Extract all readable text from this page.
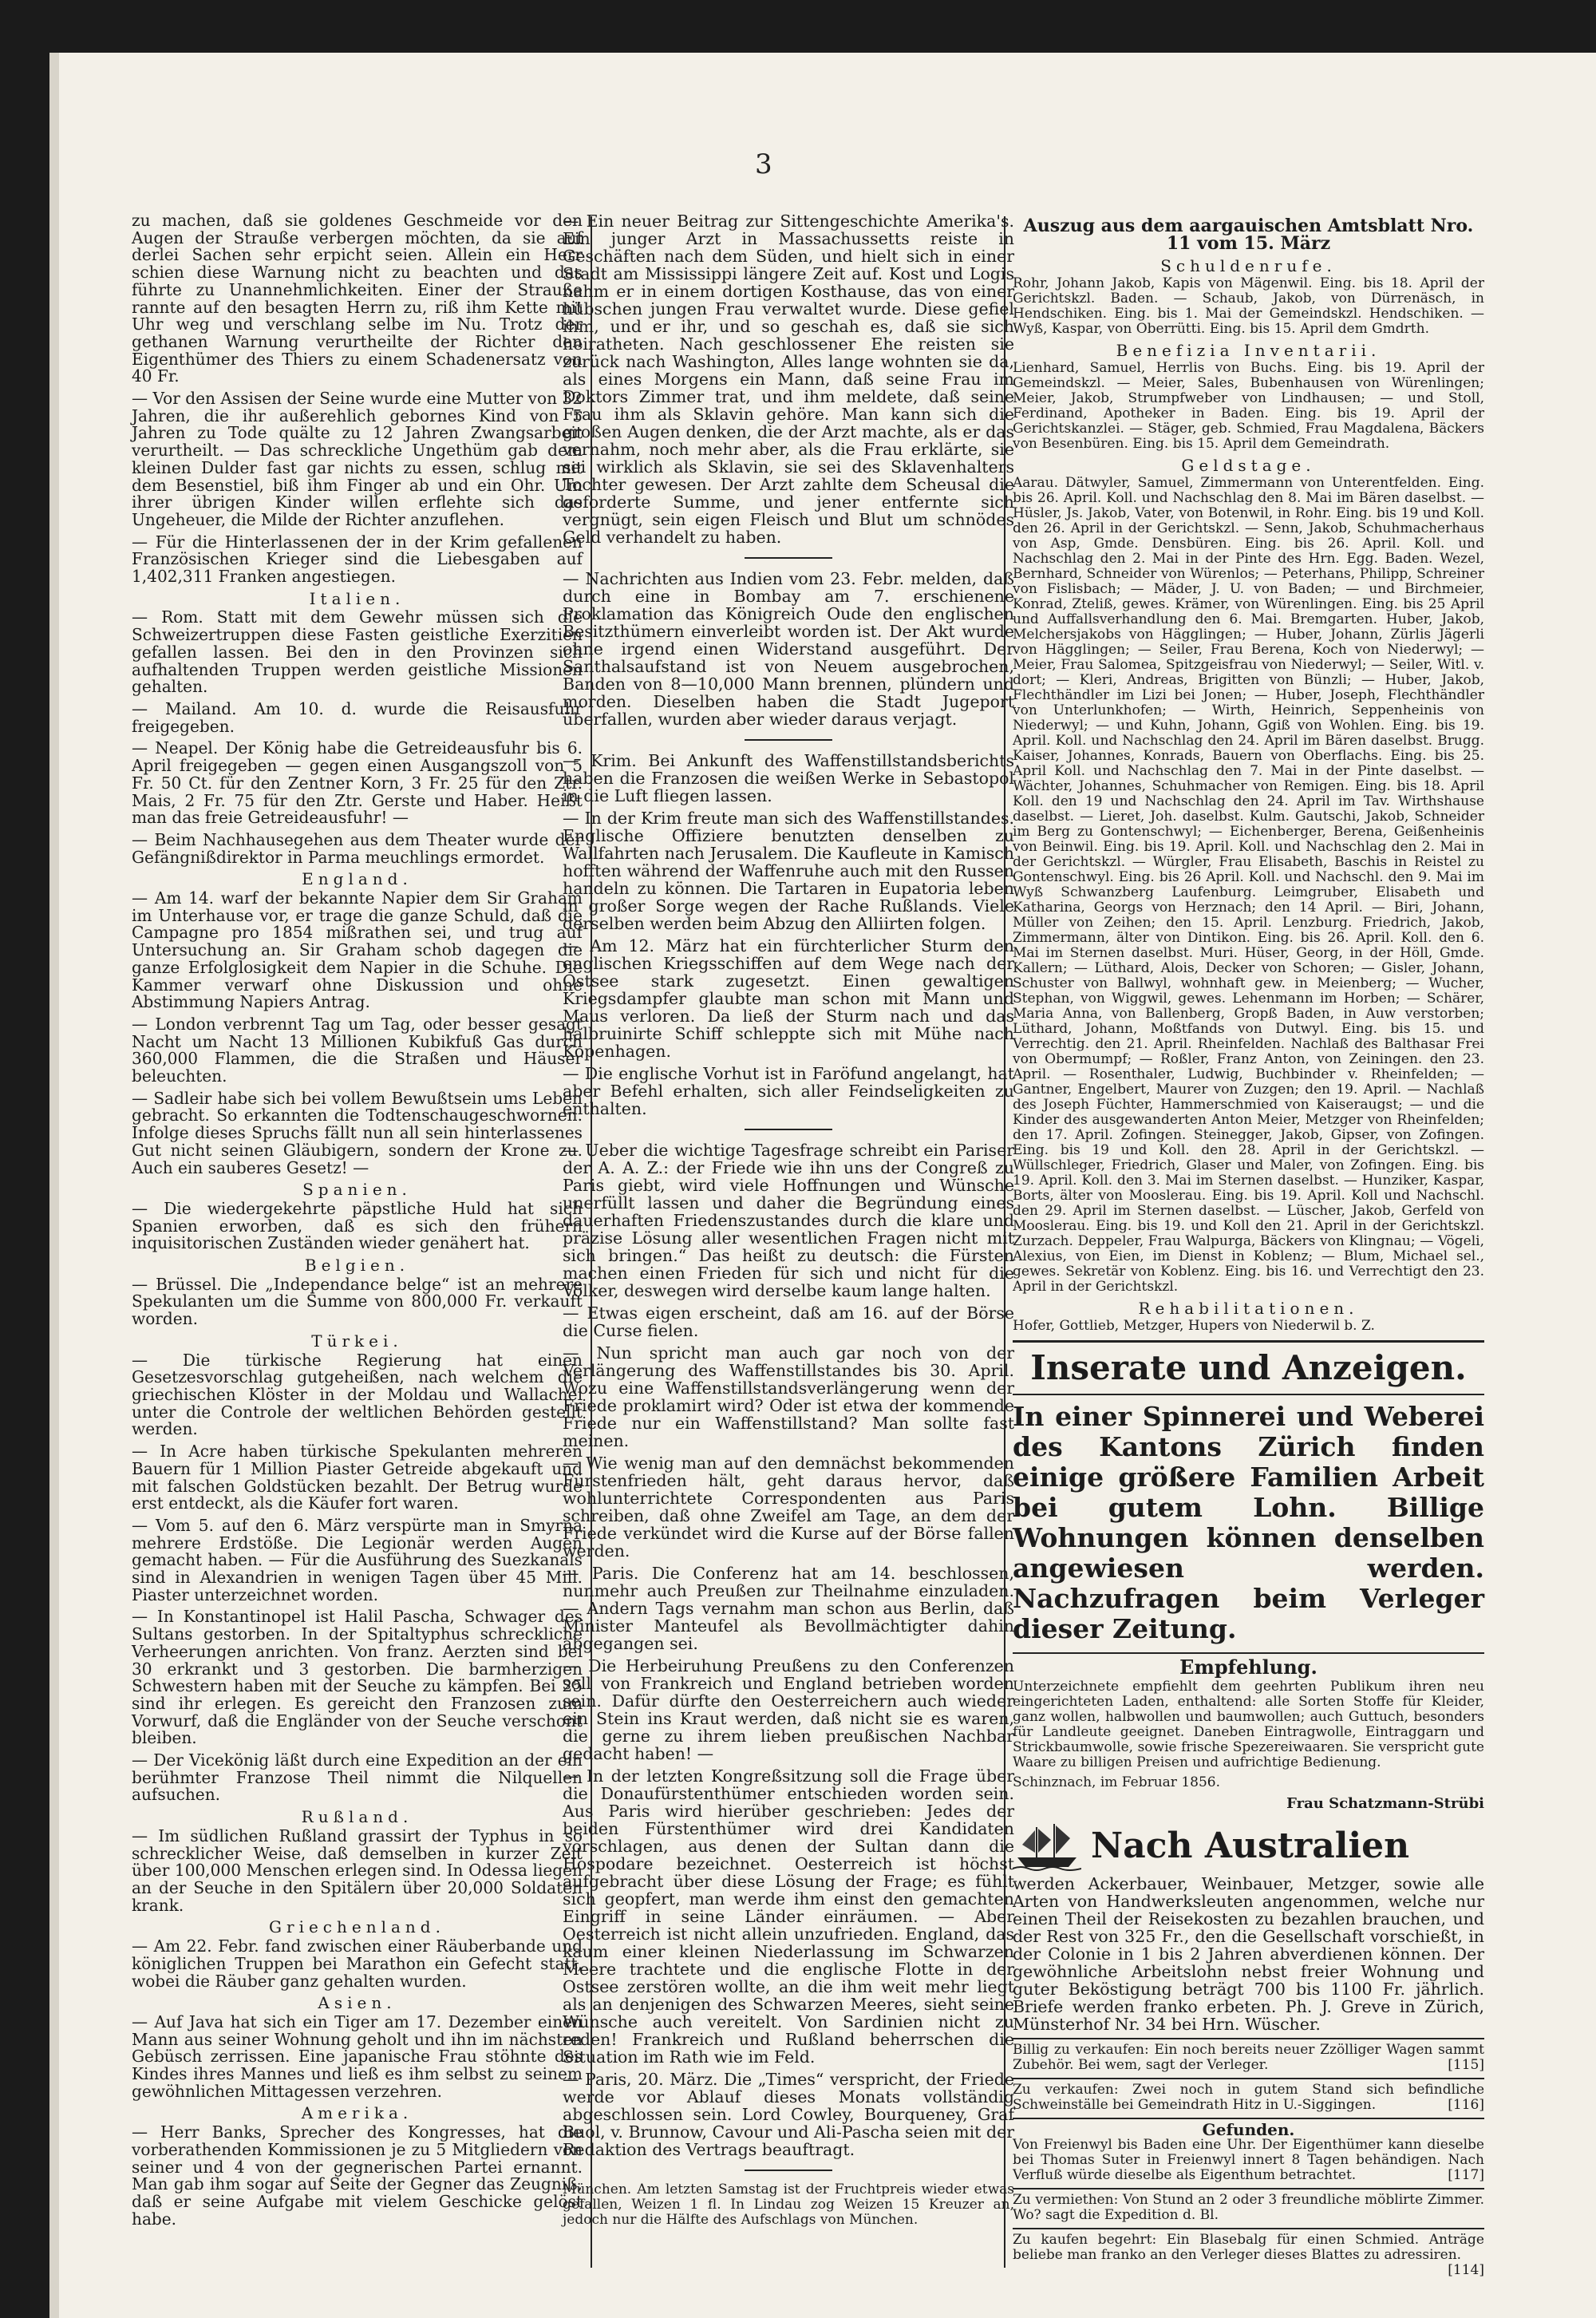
3

zu machen, daß sie goldenes Geschmeide vor den Augen der Strauße verbergen möchten, da sie auf derlei Sachen sehr erpicht seien. Allein ein Herr schien diese Warnung nicht zu beachten und das führte zu Unannehmlichkeiten. Einer der Strauße rannte auf den besagten Herrn zu, riß ihm Kette mit Uhr weg und verschlang selbe im Nu. Trotz der gethanen Warnung verurtheilte der Richter den Eigenthümer des Thiers zu einem Schadenersatz von 40 Fr.

— Vor den Assisen der Seine wurde eine Mutter von 32 Jahren, die ihr außerehlich gebornes Kind von 5 Jahren zu Tode quälte zu 12 Jahren Zwangsarbeit verurtheilt. — Das schreckliche Ungethüm gab dem kleinen Dulder fast gar nichts zu essen, schlug mit dem Besenstiel, biß ihm Finger ab und ein Ohr. Um ihrer übrigen Kinder willen erflehte sich das Ungeheuer, die Milde der Richter anzuflehen.

— Für die Hinterlassenen der in der Krim gefallenen Französischen Krieger sind die Liebesgaben auf 1,402,311 Franken angestiegen.

Italien.

— Rom. Statt mit dem Gewehr müssen sich die Schweizertruppen diese Fasten geistliche Exerzitien gefallen lassen. Bei den in den Provinzen sich aufhaltenden Truppen werden geistliche Missionen gehalten.

— Mailand. Am 10. d. wurde die Reisausfuhr freigegeben.

— Neapel. Der König habe die Getreideausfuhr bis 6. April freigegeben — gegen einen Ausgangszoll von 5 Fr. 50 Ct. für den Zentner Korn, 3 Fr. 25 für den Ztr. Mais, 2 Fr. 75 für den Ztr. Gerste und Haber. Heißt man das freie Getreideausfuhr! —

— Beim Nachhausegehen aus dem Theater wurde der Gefängnißdirektor in Parma meuchlings ermordet.

England.

— Am 14. warf der bekannte Napier dem Sir Graham im Unterhause vor, er trage die ganze Schuld, daß die Campagne pro 1854 mißrathen sei, und trug auf Untersuchung an. Sir Graham schob dagegen die ganze Erfolglosigkeit dem Napier in die Schuhe. Die Kammer verwarf ohne Diskussion und ohne Abstimmung Napiers Antrag.

— London verbrennt Tag um Tag, oder besser gesagt Nacht um Nacht 13 Millionen Kubikfuß Gas durch 360,000 Flammen, die die Straßen und Häuser beleuchten.

— Sadleir habe sich bei vollem Bewußtsein ums Leben gebracht. So erkannten die Todtenschaugeschwornen. Infolge dieses Spruchs fällt nun all sein hinterlassenes Gut nicht seinen Gläubigern, sondern der Krone zu. Auch ein sauberes Gesetz! —

Spanien.

— Die wiedergekehrte päpstliche Huld hat sich Spanien erworben, daß es sich den frühern inquisitorischen Zuständen wieder genähert hat.

Belgien.

— Brüssel. Die „Independance belge“ ist an mehrere Spekulanten um die Summe von 800,000 Fr. verkauft worden.

Türkei.

— Die türkische Regierung hat einen Gesetzesvorschlag gutgeheißen, nach welchem die griechischen Klöster in der Moldau und Wallachei unter die Controle der weltlichen Behörden gestellt werden.

— In Acre haben türkische Spekulanten mehreren Bauern für 1 Million Piaster Getreide abgekauft und mit falschen Goldstücken bezahlt. Der Betrug wurde erst entdeckt, als die Käufer fort waren.

— Vom 5. auf den 6. März verspürte man in Smyrna mehrere Erdstöße. Die Legionär werden Augen gemacht haben. — Für die Ausführung des Suezkanals sind in Alexandrien in wenigen Tagen über 45 Mill. Piaster unterzeichnet worden.

— In Konstantinopel ist Halil Pascha, Schwager des Sultans gestorben. In der Spitaltyphus schreckliche Verheerungen anrichten. Von franz. Aerzten sind bei 30 erkrankt und 3 gestorben. Die barmherzigen Schwestern haben mit der Seuche zu kämpfen. Bei 25 sind ihr erlegen. Es gereicht den Franzosen zum Vorwurf, daß die Engländer von der Seuche verschont bleiben.

— Der Vicekönig läßt durch eine Expedition an der ein berühmter Franzose Theil nimmt die Nilquellen aufsuchen.

Rußland.

— Im südlichen Rußland grassirt der Typhus in so schrecklicher Weise, daß demselben in kurzer Zeit über 100,000 Menschen erlegen sind. In Odessa liegen an der Seuche in den Spitälern über 20,000 Soldaten krank.

Griechenland.

— Am 22. Febr. fand zwischen einer Räuberbande und königlichen Truppen bei Marathon ein Gefecht statt, wobei die Räuber ganz gehalten wurden.

Asien.

— Auf Java hat sich ein Tiger am 17. Dezember einen Mann aus seiner Wohnung geholt und ihn im nächsten Gebüsch zerrissen. Eine japanische Frau stöhnte des Kindes ihres Mannes und ließ es ihm selbst zu seinem gewöhnlichen Mittagessen verzehren.

Amerika.

— Herr Banks, Sprecher des Kongresses, hat die vorberathenden Kommissionen je zu 5 Mitgliedern von seiner und 4 von der gegnerischen Partei ernannt. Man gab ihm sogar auf Seite der Gegner das Zeugniß, daß er seine Aufgabe mit vielem Geschicke gelöst habe.

— Ein neuer Beitrag zur Sittengeschichte Amerika's. Ein junger Arzt in Massachussetts reiste in Geschäften nach dem Süden, und hielt sich in einer Stadt am Mississippi längere Zeit auf. Kost und Logis nahm er in einem dortigen Kosthause, das von einer hübschen jungen Frau verwaltet wurde. Diese gefiel ihm, und er ihr, und so geschah es, daß sie sich heiratheten. Nach geschlossener Ehe reisten sie zurück nach Washington, Alles lange wohnten sie da, als eines Morgens ein Mann, daß seine Frau im Doktors Zimmer trat, und ihm meldete, daß seine Frau ihm als Sklavin gehöre. Man kann sich die großen Augen denken, die der Arzt machte, als er das vernahm, noch mehr aber, als die Frau erklärte, sie sei wirklich als Sklavin, sie sei des Sklavenhalters Tochter gewesen. Der Arzt zahlte dem Scheusal die geforderte Summe, und jener entfernte sich vergnügt, sein eigen Fleisch und Blut um schnödes Geld verhandelt zu haben.

— Nachrichten aus Indien vom 23. Febr. melden, daß durch eine in Bombay am 7. erschienene Proklamation das Königreich Oude den englischen Besitzthümern einverleibt worden ist. Der Akt wurde ohne irgend einen Widerstand ausgeführt. Der Santhalsaufstand ist von Neuem ausgebrochen, Banden von 8—10,000 Mann brennen, plündern und morden. Dieselben haben die Stadt Jugeport überfallen, wurden aber wieder daraus verjagt.

— Krim. Bei Ankunft des Waffenstillstandsberichts haben die Franzosen die weißen Werke in Sebastopol in die Luft fliegen lassen.

— In der Krim freute man sich des Waffenstillstandes. Englische Offiziere benutzten denselben zu Wallfahrten nach Jerusalem. Die Kaufleute in Kamisch hofften während der Waffenruhe auch mit den Russen handeln zu können. Die Tartaren in Eupatoria leben in großer Sorge wegen der Rache Rußlands. Viele derselben werden beim Abzug den Alliirten folgen.

— Am 12. März hat ein fürchterlicher Sturm den englischen Kriegsschiffen auf dem Wege nach der Ostsee stark zugesetzt. Einen gewaltigen Kriegsdampfer glaubte man schon mit Mann und Maus verloren. Da ließ der Sturm nach und das halbruinirte Schiff schleppte sich mit Mühe nach Kopenhagen.

— Die englische Vorhut ist in Faröfund angelangt, hat aber Befehl erhalten, sich aller Feindseligkeiten zu enthalten.

— Ueber die wichtige Tagesfrage schreibt ein Pariser der A. A. Z.: der Friede wie ihn uns der Congreß zu Paris giebt, wird viele Hoffnungen und Wünsche unerfüllt lassen und daher die Begründung eines dauerhaften Friedenszustandes durch die klare und präzise Lösung aller wesentlichen Fragen nicht mit sich bringen.“ Das heißt zu deutsch: die Fürsten machen einen Frieden für sich und nicht für die Völker, deswegen wird derselbe kaum lange halten.

— Etwas eigen erscheint, daß am 16. auf der Börse die Curse fielen.

— Nun spricht man auch gar noch von der Verlängerung des Waffenstillstandes bis 30. April. Wozu eine Waffenstillstandsverlängerung wenn der Friede proklamirt wird? Oder ist etwa der kommende Friede nur ein Waffenstillstand? Man sollte fast meinen.

— Wie wenig man auf den demnächst bekommenden Fürstenfrieden hält, geht daraus hervor, daß wohlunterrichtete Correspondenten aus Paris schreiben, daß ohne Zweifel am Tage, an dem der Friede verkündet wird die Kurse auf der Börse fallen werden.

— Paris. Die Conferenz hat am 14. beschlossen, nunmehr auch Preußen zur Theilnahme einzuladen. — Andern Tags vernahm man schon aus Berlin, daß Minister Manteufel als Bevollmächtigter dahin abgegangen sei.

— Die Herbeiruhung Preußens zu den Conferenzen soll von Frankreich und England betrieben worden sein. Dafür dürfte den Oesterreichern auch wieder ein Stein ins Kraut werden, daß nicht sie es waren, die gerne zu ihrem lieben preußischen Nachbar gedacht haben! —

— In der letzten Kongreßsitzung soll die Frage über die Donaufürstenthümer entschieden worden sein. Aus Paris wird hierüber geschrieben: Jedes der beiden Fürstenthümer wird drei Kandidaten vorschlagen, aus denen der Sultan dann die Hospodare bezeichnet. Oesterreich ist höchst aufgebracht über diese Lösung der Frage; es fühlt sich geopfert, man werde ihm einst den gemachten Eingriff in seine Länder einräumen. — Aber Oesterreich ist nicht allein unzufrieden. England, das kaum einer kleinen Niederlassung im Schwarzen Meere trachtete und die englische Flotte in der Ostsee zerstören wollte, an die ihm weit mehr liegt als an denjenigen des Schwarzen Meeres, sieht seine Wünsche auch vereitelt. Von Sardinien nicht zu reden! Frankreich und Rußland beherrschen die Situation im Rath wie im Feld.

— Paris, 20. März. Die „Times“ verspricht, der Friede werde vor Ablauf dieses Monats vollständig abgeschlossen sein. Lord Cowley, Bourqueney, Graf Buol, v. Brunnow, Cavour und Ali-Pascha seien mit der Redaktion des Vertrags beauftragt.

München. Am letzten Samstag ist der Fruchtpreis wieder etwas gefallen, Weizen 1 fl. In Lindau zog Weizen 15 Kreuzer an, jedoch nur die Hälfte des Aufschlags von München.

Auszug aus dem aargauischen Amtsblatt Nro. 11 vom 15. März
Schuldenrufe.

Rohr, Johann Jakob, Kapis von Mägenwil. Eing. bis 18. April der Gerichtskzl. Baden. — Schaub, Jakob, von Dürrenäsch, in Hendschiken. Eing. bis 1. Mai der Gemeindskzl. Hendschiken. — Wyß, Kaspar, von Oberrütti. Eing. bis 15. April dem Gmdrth.

Benefizia Inventarii.

Lienhard, Samuel, Herrlis von Buchs. Eing. bis 19. April der Gemeindskzl. — Meier, Sales, Bubenhausen von Würenlingen; Meier, Jakob, Strumpfweber von Lindhausen; — und Stoll, Ferdinand, Apotheker in Baden. Eing. bis 19. April der Gerichtskanzlei. — Stäger, geb. Schmied, Frau Magdalena, Bäckers von Besenbüren. Eing. bis 15. April dem Gemeindrath.

Geldstage.

Aarau. Dätwyler, Samuel, Zimmermann von Unterentfelden. Eing. bis 26. April. Koll. und Nachschlag den 8. Mai im Bären daselbst. — Hüsler, Js. Jakob, Vater, von Botenwil, in Rohr. Eing. bis 19 und Koll. den 26. April in der Gerichtskzl. — Senn, Jakob, Schuhmacherhaus von Asp, Gmde. Densbüren. Eing. bis 26. April. Koll. und Nachschlag den 2. Mai in der Pinte des Hrn. Egg. Baden. Wezel, Bernhard, Schneider von Würenlos; — Peterhans, Philipp, Schreiner von Fislisbach; — Mäder, J. U. von Baden; — und Birchmeier, Konrad, Zteliß, gewes. Krämer, von Würenlingen. Eing. bis 25 April und Auffallsverhandlung den 6. Mai. Bremgarten. Huber, Jakob, Melchersjakobs von Hägglingen; — Huber, Johann, Zürlis Jägerli von Hägglingen; — Seiler, Frau Berena, Koch von Niederwyl; — Meier, Frau Salomea, Spitzgeisfrau von Niederwyl; — Seiler, Witl. v. dort; — Kleri, Andreas, Brigitten von Bünzli; — Huber, Jakob, Flechthändler im Lizi bei Jonen; — Huber, Joseph, Flechthändler von Unterlunkhofen; — Wirth, Heinrich, Seppenheinis von Niederwyl; — und Kuhn, Johann, Ggiß von Wohlen. Eing. bis 19. April. Koll. und Nachschlag den 24. April im Bären daselbst. Brugg. Kaiser, Johannes, Konrads, Bauern von Oberflachs. Eing. bis 25. April Koll. und Nachschlag den 7. Mai in der Pinte daselbst. — Wächter, Johannes, Schuhmacher von Remigen. Eing. bis 18. April Koll. den 19 und Nachschlag den 24. April im Tav. Wirthshause daselbst. — Lieret, Joh. daselbst. Kulm. Gautschi, Jakob, Schneider im Berg zu Gontenschwyl; — Eichenberger, Berena, Geißenheinis von Beinwil. Eing. bis 19. April. Koll. und Nachschlag den 2. Mai in der Gerichtskzl. — Würgler, Frau Elisabeth, Baschis in Reistel zu Gontenschwyl. Eing. bis 26 April. Koll. und Nachschl. den 9. Mai im Wyß Schwanzberg Laufenburg. Leimgruber, Elisabeth und Katharina, Georgs von Herznach; den 14 April. — Biri, Johann, Müller von Zeihen; den 15. April. Lenzburg. Friedrich, Jakob, Zimmermann, älter von Dintikon. Eing. bis 26. April. Koll. den 6. Mai im Sternen daselbst. Muri. Hüser, Georg, in der Höll, Gmde. Kallern; — Lüthard, Alois, Decker von Schoren; — Gisler, Johann, Schuster von Ballwyl, wohnhaft gew. in Meienberg; — Wucher, Stephan, von Wiggwil, gewes. Lehenmann im Horben; — Schärer, Maria Anna, von Ballenberg, Gropß Baden, in Auw verstorben; Lüthard, Johann, Moßtfands von Dutwyl. Eing. bis 15. und Verrechtig. den 21. April. Rheinfelden. Nachlaß des Balthasar Frei von Obermumpf; — Roßler, Franz Anton, von Zeiningen. den 23. April. — Rosenthaler, Ludwig, Buchbinder v. Rheinfelden; — Gantner, Engelbert, Maurer von Zuzgen; den 19. April. — Nachlaß des Joseph Füchter, Hammerschmied von Kaiseraugst; — und die Kinder des ausgewanderten Anton Meier, Metzger von Rheinfelden; den 17. April. Zofingen. Steinegger, Jakob, Gipser, von Zofingen. Eing. bis 19 und Koll. den 28. April in der Gerichtskzl. — Wüllschleger, Friedrich, Glaser und Maler, von Zofingen. Eing. bis 19. April. Koll. den 3. Mai im Sternen daselbst. — Hunziker, Kaspar, Borts, älter von Mooslerau. Eing. bis 19. April. Koll und Nachschl. den 29. April im Sternen daselbst. — Lüscher, Jakob, Gerfeld von Mooslerau. Eing. bis 19. und Koll den 21. April in der Gerichtskzl. Zurzach. Deppeler, Frau Walpurga, Bäckers von Klingnau; — Vögeli, Alexius, von Eien, im Dienst in Koblenz; — Blum, Michael sel., gewes. Sekretär von Koblenz. Eing. bis 16. und Verrechtigt den 23. April in der Gerichtskzl.

Rehabilitationen.

Hofer, Gottlieb, Metzger, Hupers von Niederwil b. Z.

Inserate und Anzeigen.
In einer Spinnerei und Weberei des Kantons Zürich finden einige größere Familien Arbeit bei gutem Lohn. Billige Wohnungen können denselben angewiesen werden. Nachzufragen beim Verleger dieser Zeitung.
Empfehlung.

Unterzeichnete empfiehlt dem geehrten Publikum ihren neu eingerichteten Laden, enthaltend: alle Sorten Stoffe für Kleider, ganz wollen, halbwollen und baumwollen; auch Guttuch, besonders für Landleute geeignet. Daneben Eintragwolle, Eintraggarn und Strickbaumwolle, sowie frische Spezereiwaaren. Sie verspricht gute Waare zu billigen Preisen und aufrichtige Bedienung.

Schinznach, im Februar 1856.

Frau Schatzmann-Strübi
Nach Australien

werden Ackerbauer, Weinbauer, Metzger, sowie alle Arten von Handwerksleuten angenommen, welche nur einen Theil der Reisekosten zu bezahlen brauchen, und der Rest von 325 Fr., den die Gesellschaft vorschießt, in der Colonie in 1 bis 2 Jahren abverdienen können. Der gewöhnliche Arbeitslohn nebst freier Wohnung und guter Beköstigung beträgt 700 bis 1100 Fr. jährlich. Briefe werden franko erbeten. Ph. J. Greve in Zürich, Münsterhof Nr. 34 bei Hrn. Wüscher.

Billig zu verkaufen: Ein noch bereits neuer Zzölliger Wagen sammt Zubehör. Bei wem, sagt der Verleger.	[115]
Zu verkaufen: Zwei noch in gutem Stand sich befindliche Schweinställe bei Gemeindrath Hitz in U.-Siggingen.	[116]
Gefunden.
Von Freienwyl bis Baden eine Uhr. Der Eigenthümer kann dieselbe bei Thomas Suter in Freienwyl innert 8 Tagen behändigen. Nach Verfluß würde dieselbe als Eigenthum betrachtet.	[117]
Zu vermiethen: Von Stund an 2 oder 3 freundliche möblirte Zimmer. Wo? sagt die Expedition d. Bl.
Zu kaufen begehrt: Ein Blasebalg für einen Schmied. Anträge beliebe man franko an den Verleger dieses Blattes zu adressiren.
[114]
